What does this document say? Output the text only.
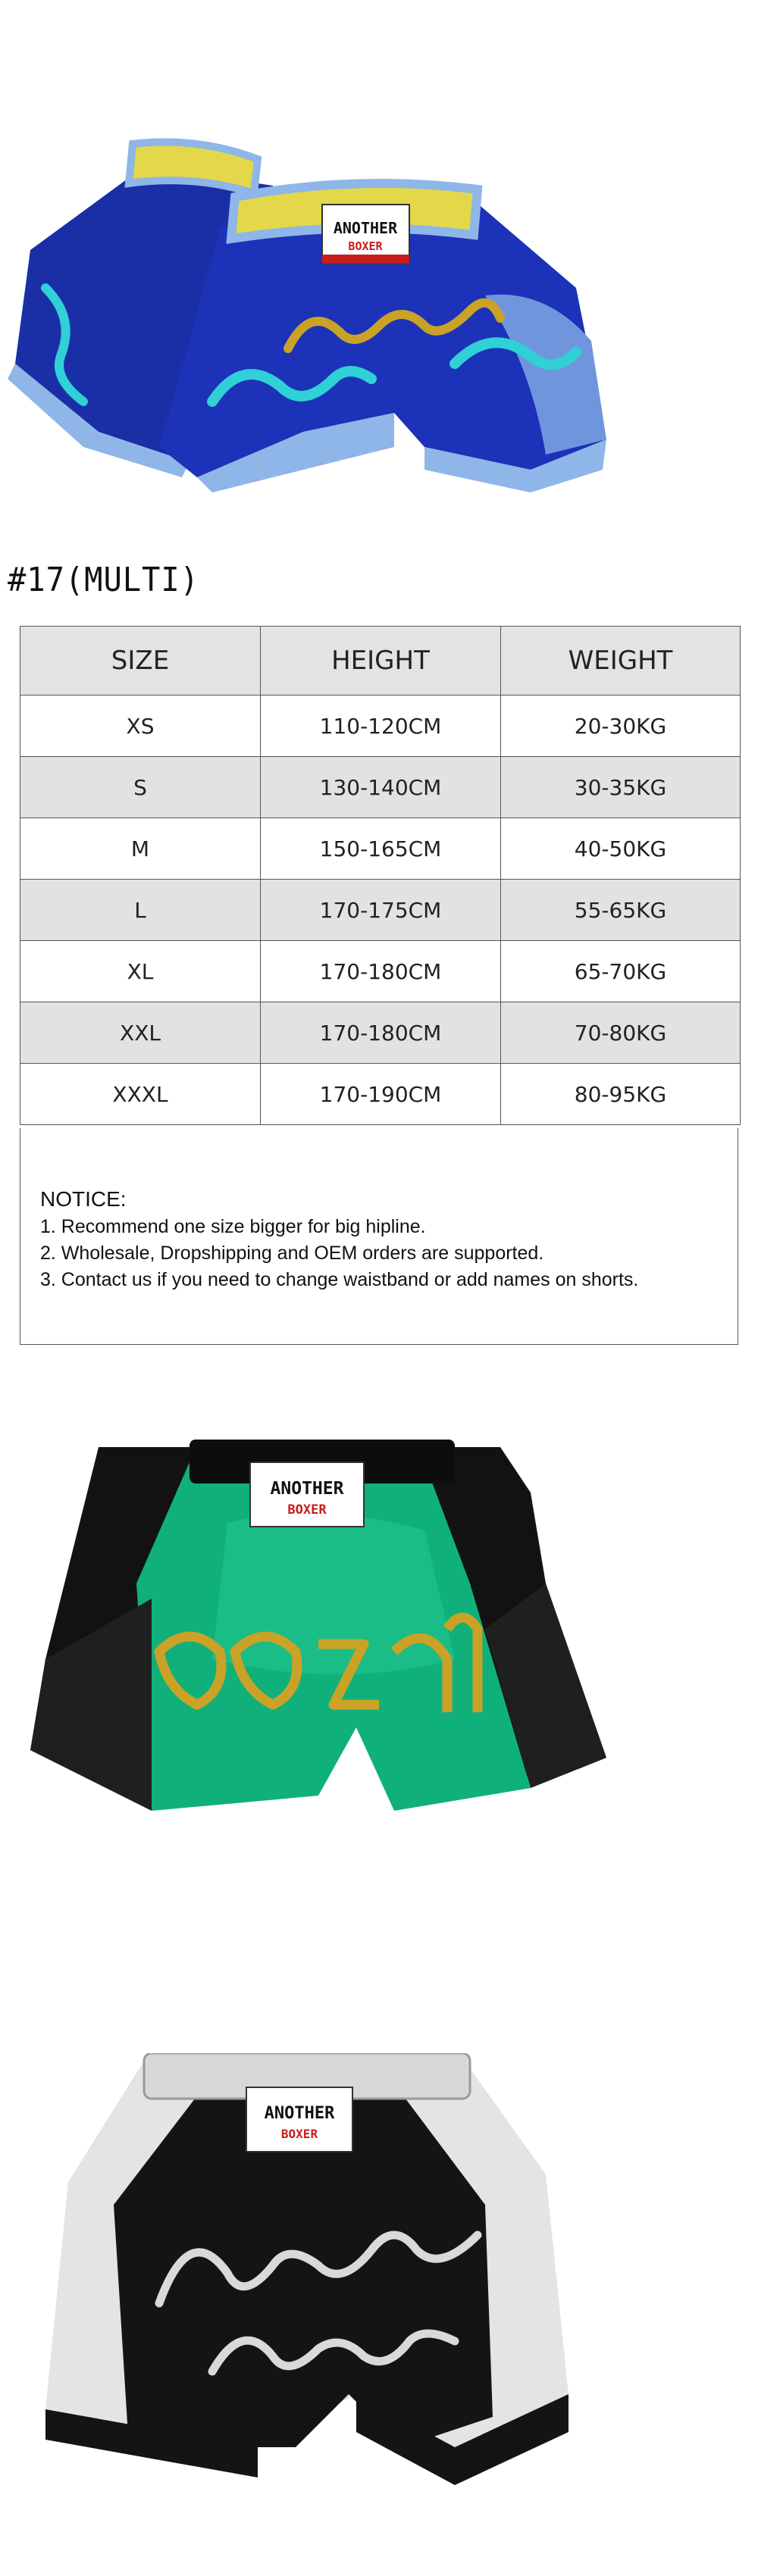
ANOTHER
BOXER
#17(MULTI)
SIZE	HEIGHT	WEIGHT
XS	110-120CM	20-30KG
S	130-140CM	30-35KG
M	150-165CM	40-50KG
L	170-175CM	55-65KG
XL	170-180CM	65-70KG
XXL	170-180CM	70-80KG
XXXL	170-190CM	80-95KG
NOTICE:
1. Recommend one size bigger for big hipline.
2. Wholesale, Dropshipping and OEM orders are supported.
3. Contact us if you need to change waistband or add names on shorts.
ANOTHER
BOXER
ANOTHER
BOXER
